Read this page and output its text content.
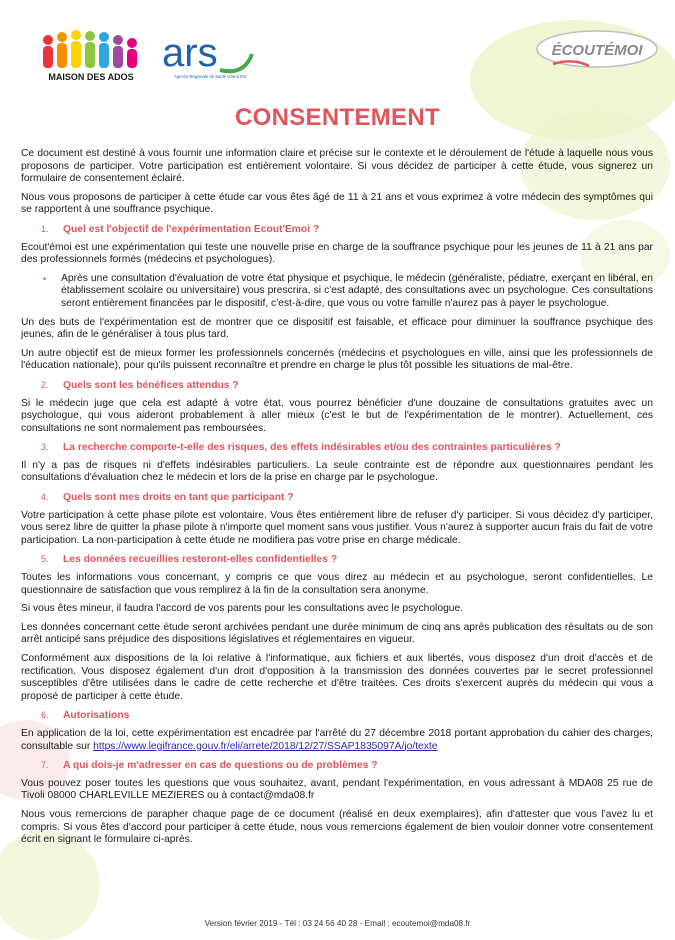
MAISON DES ADOS
ars
Agence Régionale de Santé Grand Est
ÉCOUTÉMOI
CONSENTEMENT

Ce document est destiné à vous fournir une information claire et précise sur le contexte et le déroulement de l'étude à laquelle nous vous proposons de participer. Votre participation est entièrement volontaire. Si vous décidez de participer à cette étude, vous signerez un formulaire de consentement éclairé.

Nous vous proposons de participer à cette étude car vous êtes âgé de 11 à 21 ans et vous exprimez à votre médecin des symptômes qui se rapportent à une souffrance psychique.

1.	Quel est l'objectif de l'expérimentation Ecout'Emoi ?

Ecout'émoi est une expérimentation qui teste une nouvelle prise en charge de la souffrance psychique pour les jeunes de 11 à 21 ans par des professionnels formés (médecins et psychologues).

•	Après une consultation d'évaluation de votre état physique et psychique, le médecin (généraliste, pédiatre, exerçant en libéral, en établissement scolaire ou universitaire) vous prescrira, si c'est adapté, des consultations avec un psychologue. Ces consultations seront entièrement financées par le dispositif, c'est-à-dire, que vous ou votre famille n'aurez pas à payer le psychologue.

Un des buts de l'expérimentation est de montrer que ce dispositif est faisable, et efficace pour diminuer la souffrance psychique des jeunes, afin de le généraliser à tous plus tard.

Un autre objectif est de mieux former les professionnels concernés (médecins et psychologues en ville, ainsi que les professionnels de l'éducation nationale), pour qu'ils puissent reconnaître et prendre en charge le plus tôt possible les situations de mal-être.

2.	Quels sont les bénéfices attendus ?

Si le médecin juge que cela est adapté à votre état, vous pourrez bénéficier d'une douzaine de consultations gratuites avec un psychologue, qui vous aideront probablement à aller mieux (c'est le but de l'expérimentation de le montrer). Actuellement, ces consultations ne sont normalement pas remboursées.

3.	La recherche comporte-t-elle des risques, des effets indésirables et/ou des contraintes particulières ?

Il n'y a pas de risques ni d'effets indésirables particuliers. La seule contrainte est de répondre aux questionnaires pendant les consultations d'évaluation chez le médecin et lors de la prise en charge par le psychologue.

4.	Quels sont mes droits en tant que participant ?

Votre participation à cette phase pilote est volontaire. Vous êtes entièrement libre de refuser d'y participer. Si vous décidez d'y participer, vous serez libre de quitter la phase pilote à n'importe quel moment sans vous justifier. Vous n'aurez à supporter aucun frais du fait de votre participation. La non-participation à cette étude ne modifiera pas votre prise en charge médicale.

5.	Les données recueillies resteront-elles confidentielles ?

Toutes les informations vous concernant, y compris ce que vous direz au médecin et au psychologue, seront confidentielles. Le questionnaire de satisfaction que vous remplirez à la fin de la consultation sera anonyme.

Si vous êtes mineur, il faudra l'accord de vos parents pour les consultations avec le psychologue.

Les données concernant cette étude seront archivées pendant une durée minimum de cinq ans après publication des résultats ou de son arrêt anticipé sans préjudice des dispositions législatives et réglementaires en vigueur.

Conformément aux dispositions de la loi relative à l'informatique, aux fichiers et aux libertés, vous disposez d'un droit d'accès et de rectification. Vous disposez également d'un droit d'opposition à la transmission des données couvertes par le secret professionnel susceptibles d'être utilisées dans le cadre de cette recherche et d'être traitées. Ces droits s'exercent auprès du médecin qui vous a proposé de participer à cette étude.

6.	Autorisations

En application de la loi, cette expérimentation est encadrée par l'arrêté du 27 décembre 2018 portant approbation du cahier des charges, consultable sur https://www.legifrance.gouv.fr/eli/arrete/2018/12/27/SSAP1835097A/jo/texte

7.	A qui dois-je m'adresser en cas de questions ou de problèmes ?

Vous pouvez poser toutes les questions que vous souhaitez, avant, pendant l'expérimentation, en vous adressant à MDA08 25 rue de Tivoli 08000 CHARLEVILLE MEZIERES ou à contact@mda08.fr

Nous vous remercions de parapher chaque page de ce document (réalisé en deux exemplaires), afin d'attester que vous l'avez lu et compris. Si vous êtes d'accord pour participer à cette étude, nous vous remercions également de bien vouloir donner votre consentement écrit en signant le formulaire ci-après.

Version février 2019 - Tél : 03 24 56 40 28 - Email : ecoutemoi@mda08.fr
